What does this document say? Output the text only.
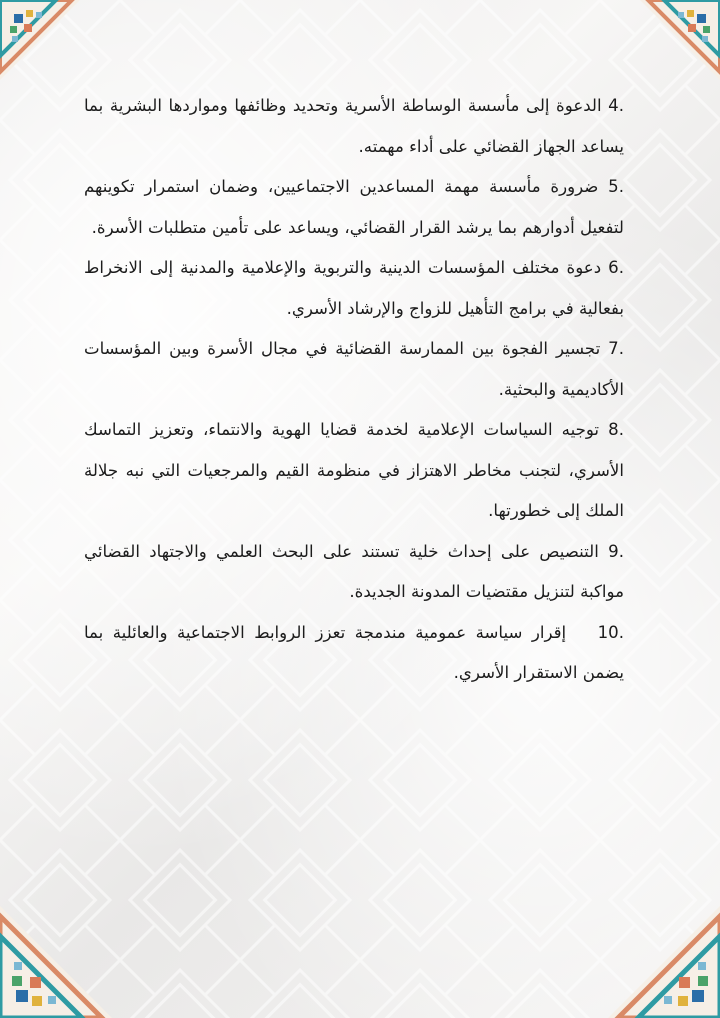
4. الدعوة إلى مأسسة الوساطة الأسرية وتحديد وظائفها ومواردها البشرية بما يساعد الجهاز القضائي على أداء مهمته.
5. ضرورة مأسسة مهمة المساعدين الاجتماعيين، وضمان استمرار تكوينهم لتفعيل أدوارهم بما يرشد القرار القضائي، ويساعد على تأمين متطلبات الأسرة.
6. دعوة مختلف المؤسسات الدينية والتربوية والإعلامية والمدنية إلى الانخراط بفعالية في برامج التأهيل للزواج والإرشاد الأسري.
7. تجسير الفجوة بين الممارسة القضائية في مجال الأسرة وبين المؤسسات الأكاديمية والبحثية.
8. توجيه السياسات الإعلامية لخدمة قضايا الهوية والانتماء، وتعزيز التماسك الأسري، لتجنب مخاطر الاهتزاز في منظومة القيم والمرجعيات التي نبه جلالة الملك إلى خطورتها.
9. التنصيص على إحداث خلية تستند على البحث العلمي والاجتهاد القضائي مواكبة لتنزيل مقتضيات المدونة الجديدة.
10. إقرار سياسة عمومية مندمجة تعزز الروابط الاجتماعية والعائلية بما يضمن الاستقرار الأسري.
